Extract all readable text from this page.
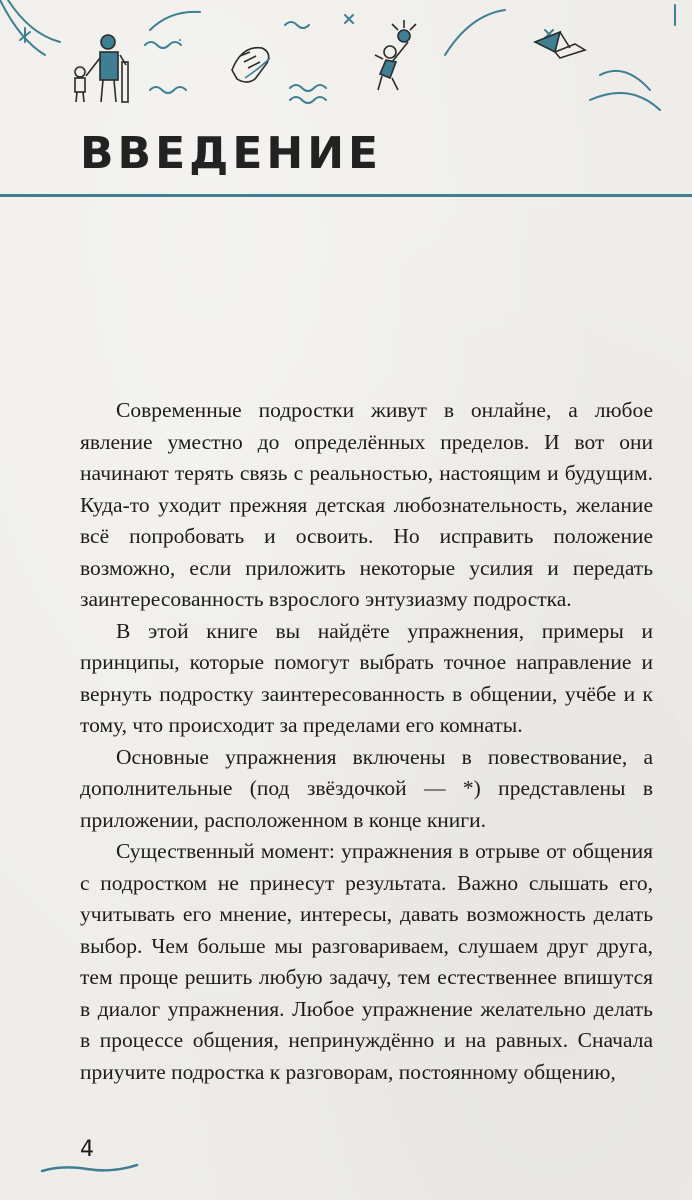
ВВЕДЕНИЕ

Современные подростки живут в онлайне, а любое явление уместно до определённых пределов. И вот они начинают терять связь с реальностью, настоящим и будущим. Куда-то уходит прежняя детская любознательность, желание всё попробовать и освоить. Но исправить положение возможно, если приложить некоторые усилия и передать заинтересованность взрослого энтузиазму подростка.

В этой книге вы найдёте упражнения, примеры и принципы, которые помогут выбрать точное направление и вернуть подростку заинтересованность в общении, учёбе и к тому, что происходит за пределами его комнаты.

Основные упражнения включены в повествование, а дополнительные (под звёздочкой — *) представлены в приложении, расположенном в конце книги.

Существенный момент: упражнения в отрыве от общения с подростком не принесут результата. Важно слышать его, учитывать его мнение, интересы, давать возможность делать выбор. Чем больше мы разговариваем, слушаем друг друга, тем проще решить любую задачу, тем естественнее впишутся в диалог упражнения. Любое упражнение желательно делать в процессе общения, непринуждённо и на равных. Сначала приучите подростка к разговорам, постоянному общению,

4
